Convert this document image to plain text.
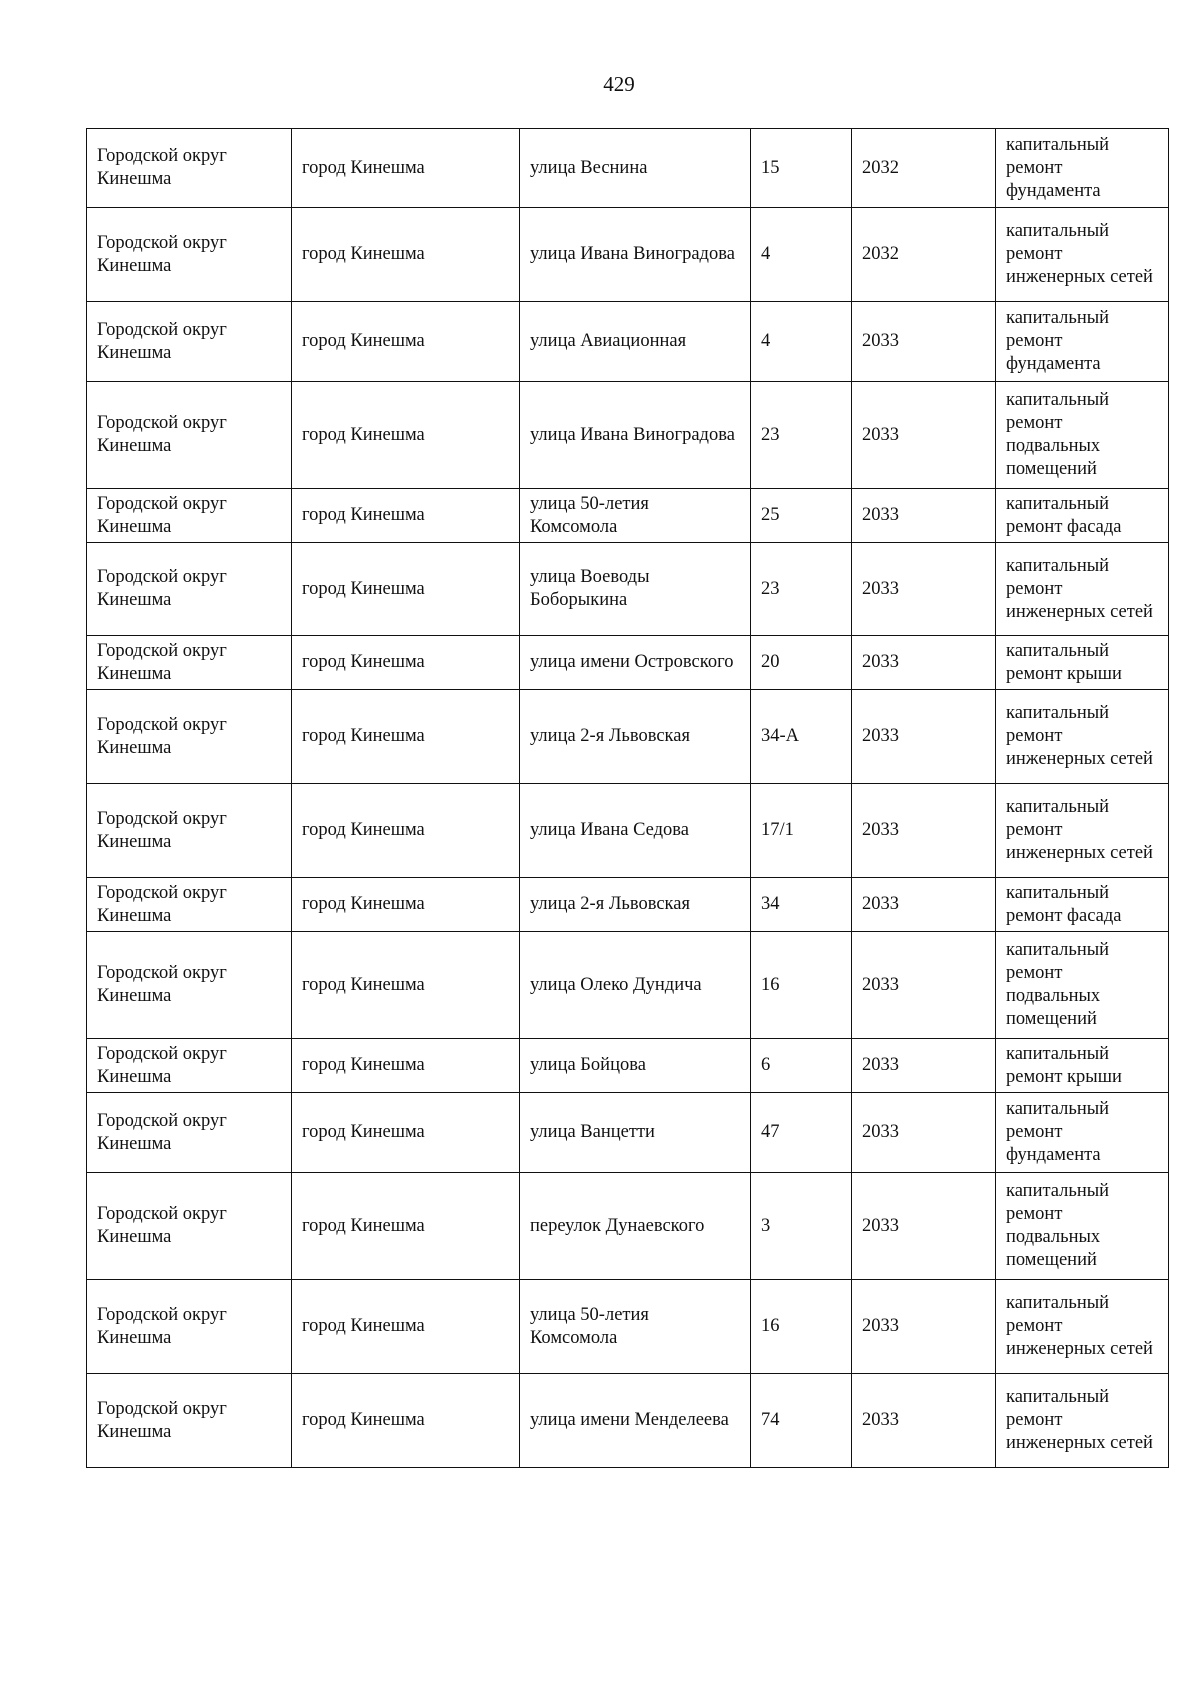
429
Городской округ Кинешма	город Кинешма	улица Веснина	15	2032	капитальный ремонт фундамента
Городской округ Кинешма	город Кинешма	улица Ивана Виноградова	4	2032	капитальный ремонт инженерных сетей
Городской округ Кинешма	город Кинешма	улица Авиационная	4	2033	капитальный ремонт фундамента
Городской округ Кинешма	город Кинешма	улица Ивана Виноградова	23	2033	капитальный ремонт подвальных помещений
Городской округ Кинешма	город Кинешма	улица 50-летия Комсомола	25	2033	капитальный ремонт фасада
Городской округ Кинешма	город Кинешма	улица Воеводы Боборыкина	23	2033	капитальный ремонт инженерных сетей
Городской округ Кинешма	город Кинешма	улица имени Островского	20	2033	капитальный ремонт крыши
Городской округ Кинешма	город Кинешма	улица 2-я Львовская	34-А	2033	капитальный ремонт инженерных сетей
Городской округ Кинешма	город Кинешма	улица Ивана Седова	17/1	2033	капитальный ремонт инженерных сетей
Городской округ Кинешма	город Кинешма	улица 2-я Львовская	34	2033	капитальный ремонт фасада
Городской округ Кинешма	город Кинешма	улица Олеко Дундича	16	2033	капитальный ремонт подвальных помещений
Городской округ Кинешма	город Кинешма	улица Бойцова	6	2033	капитальный ремонт крыши
Городской округ Кинешма	город Кинешма	улица Ванцетти	47	2033	капитальный ремонт фундамента
Городской округ Кинешма	город Кинешма	переулок Дунаевского	3	2033	капитальный ремонт подвальных помещений
Городской округ Кинешма	город Кинешма	улица 50-летия Комсомола	16	2033	капитальный ремонт инженерных сетей
Городской округ Кинешма	город Кинешма	улица имени Менделеева	74	2033	капитальный ремонт инженерных сетей
